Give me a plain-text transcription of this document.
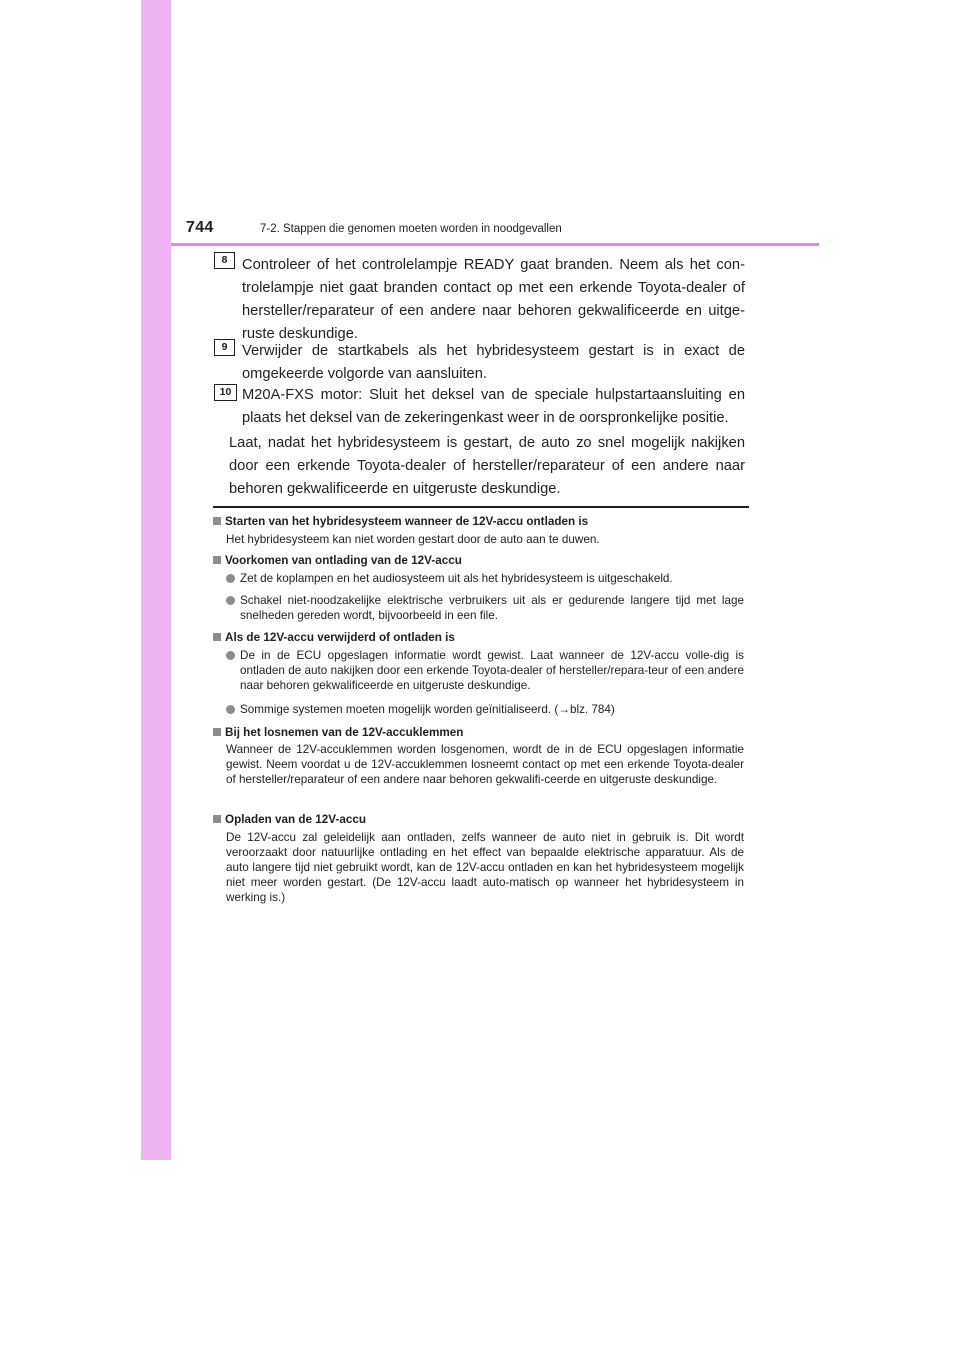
744	7-2. Stappen die genomen moeten worden in noodgevallen
8 Controleer of het controlelampje READY gaat branden. Neem als het con-trolelampje niet gaat branden contact op met een erkende Toyota-dealer of hersteller/reparateur of een andere naar behoren gekwalificeerde en uitge-ruste deskundige.
9 Verwijder de startkabels als het hybridesysteem gestart is in exact de omgekeerde volgorde van aansluiten.
10 M20A-FXS motor: Sluit het deksel van de speciale hulpstartaansluiting en plaats het deksel van de zekeringenkast weer in de oorspronkelijke positie.
Laat, nadat het hybridesysteem is gestart, de auto zo snel mogelijk nakijken door een erkende Toyota-dealer of hersteller/reparateur of een andere naar behoren gekwalificeerde en uitgeruste deskundige.
Starten van het hybridesysteem wanneer de 12V-accu ontladen is
Het hybridesysteem kan niet worden gestart door de auto aan te duwen.
Voorkomen van ontlading van de 12V-accu
Zet de koplampen en het audiosysteem uit als het hybridesysteem is uitgeschakeld.
Schakel niet-noodzakelijke elektrische verbruikers uit als er gedurende langere tijd met lage snelheden gereden wordt, bijvoorbeeld in een file.
Als de 12V-accu verwijderd of ontladen is
De in de ECU opgeslagen informatie wordt gewist. Laat wanneer de 12V-accu volle-dig is ontladen de auto nakijken door een erkende Toyota-dealer of hersteller/repara-teur of een andere naar behoren gekwalificeerde en uitgeruste deskundige.
Sommige systemen moeten mogelijk worden geïnitialiseerd. (→blz. 784)
Bij het losnemen van de 12V-accuklemmen
Wanneer de 12V-accuklemmen worden losgenomen, wordt de in de ECU opgeslagen informatie gewist. Neem voordat u de 12V-accuklemmen losneemt contact op met een erkende Toyota-dealer of hersteller/reparateur of een andere naar behoren gekwalifi-ceerde en uitgeruste deskundige.
Opladen van de 12V-accu
De 12V-accu zal geleidelijk aan ontladen, zelfs wanneer de auto niet in gebruik is. Dit wordt veroorzaakt door natuurlijke ontlading en het effect van bepaalde elektrische apparatuur. Als de auto langere tijd niet gebruikt wordt, kan de 12V-accu ontladen en kan het hybridesysteem mogelijk niet meer worden gestart. (De 12V-accu laadt auto-matisch op wanneer het hybridesysteem in werking is.)
